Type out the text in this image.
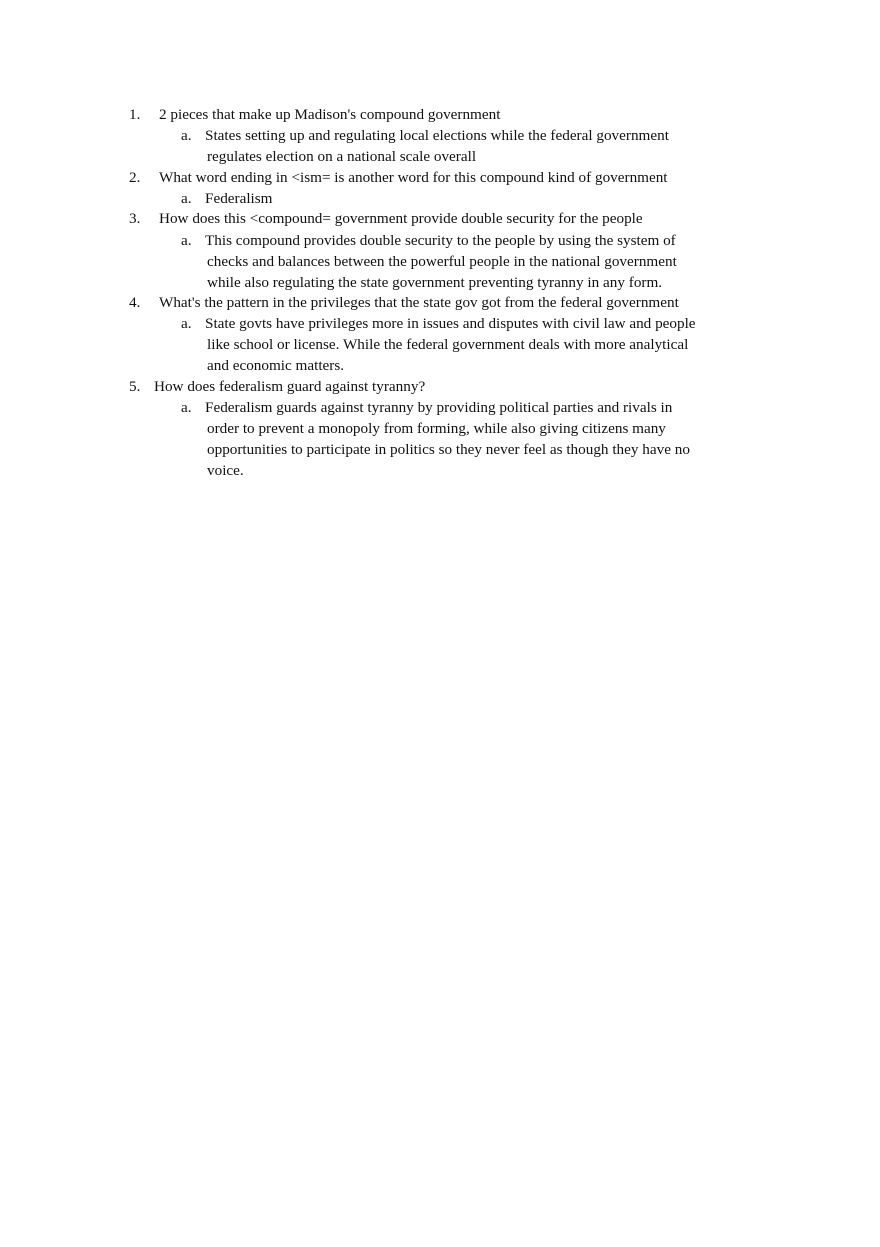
1. 2 pieces that make up Madison's compound government
a. States setting up and regulating local elections while the federal government
regulates election on a national scale overall
2. What word ending in <ism= is another word for this compound kind of government
a. Federalism
3. How does this <compound= government provide double security for the people
a. This compound provides double security to the people by using the system of
checks and balances between the powerful people in the national government
while also regulating the state government preventing tyranny in any form.
4. What's the pattern in the privileges that the state gov got from the federal government
a. State govts have privileges more in issues and disputes with civil law and people
like school or license. While the federal government deals with more analytical
and economic matters.
5. How does federalism guard against tyranny?
a. Federalism guards against tyranny by providing political parties and rivals in
order to prevent a monopoly from forming, while also giving citizens many
opportunities to participate in politics so they never feel as though they have no
voice.
